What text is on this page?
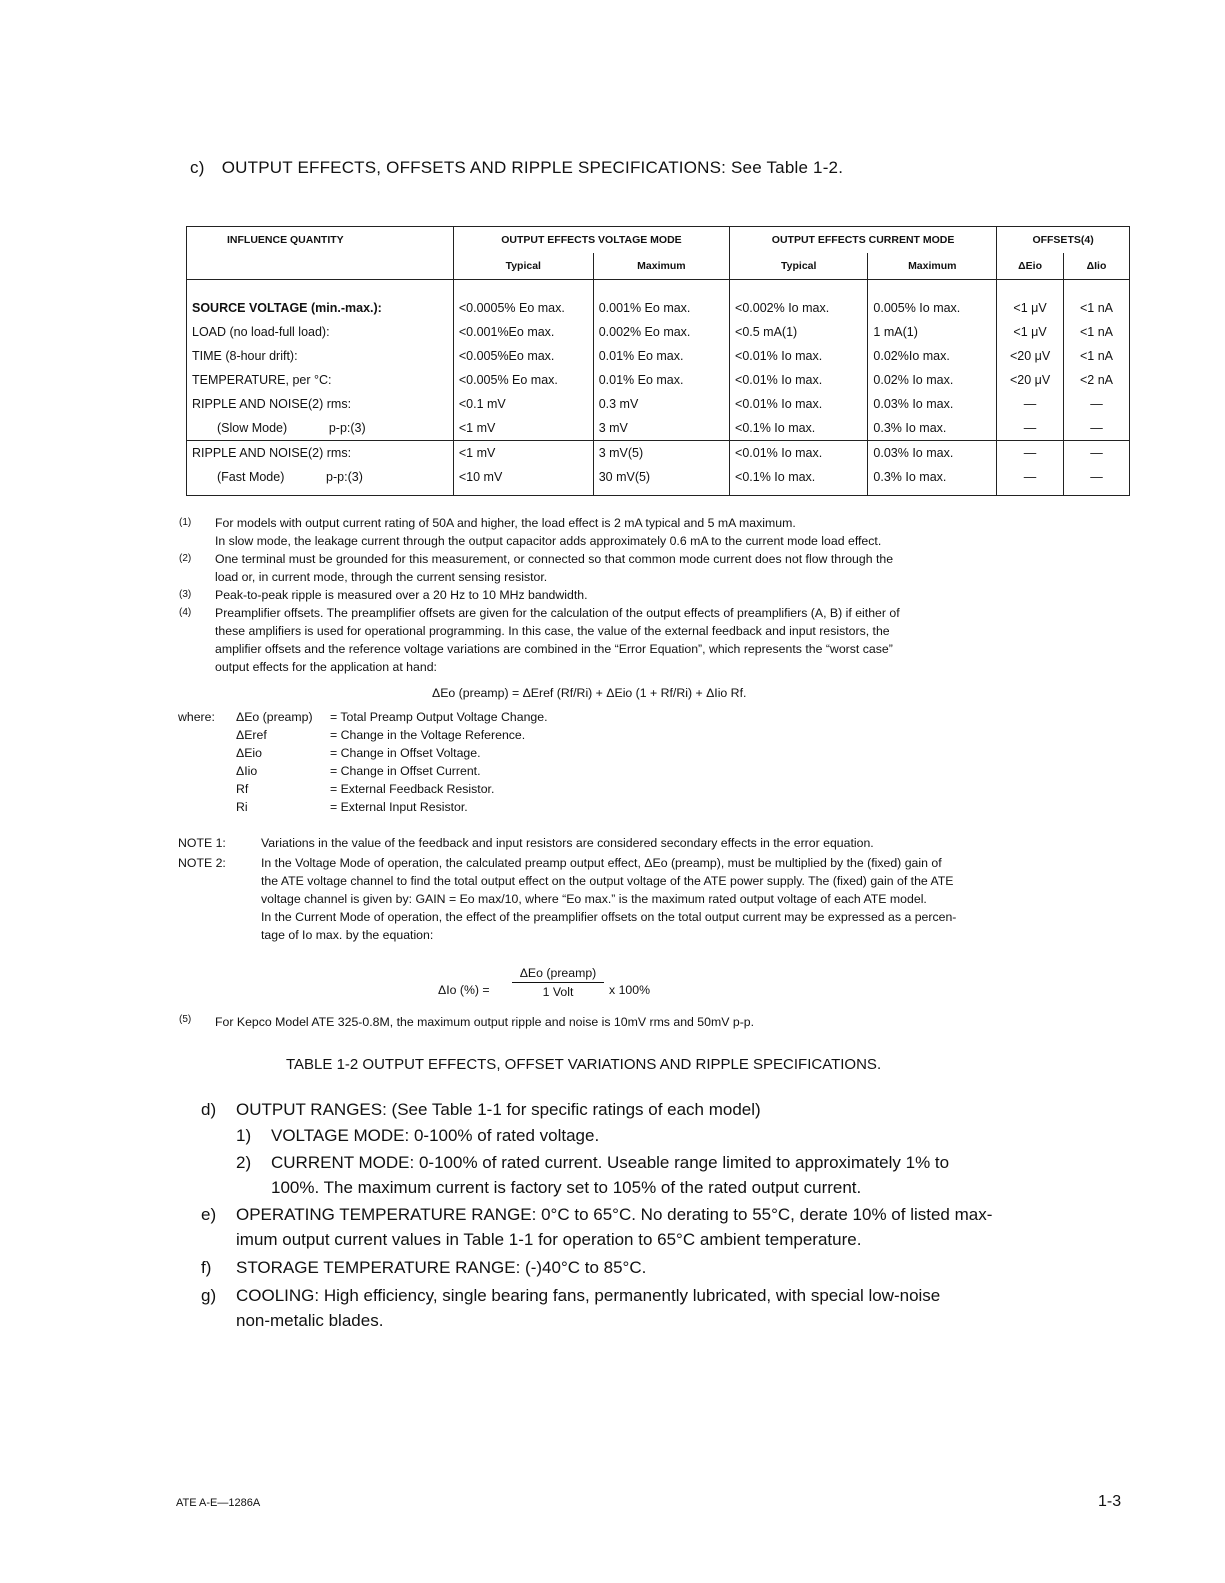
c) OUTPUT EFFECTS, OFFSETS AND RIPPLE SPECIFICATIONS: See Table 1-2.
INFLUENCE QUANTITY	OUTPUT EFFECTS VOLTAGE MODE		OUTPUT EFFECTS CURRENT MODE		OFFSETS(4)	
	Typical	Maximum	Typical	Maximum	ΔEio	ΔIio

SOURCE VOLTAGE (min.-max.):	<0.0005% Eo max.	0.001% Eo max.	<0.002% Io max.	0.005% Io max.	<1 μV	<1 nA
LOAD (no load-full load):	<0.001%Eo max.	0.002% Eo max.	<0.5 mA(1)	1 mA(1)	<1 μV	<1 nA
TIME (8-hour drift):	<0.005%Eo max.	0.01% Eo max.	<0.01% Io max.	0.02%Io max.	<20 μV	<1 nA
TEMPERATURE, per °C:	<0.005% Eo max.	0.01% Eo max.	<0.01% Io max.	0.02% Io max.	<20 μV	<2 nA
RIPPLE AND NOISE(2) rms:	<0.1 mV	0.3 mV	<0.01% Io max.	0.03% Io max.	—	—
(Slow Mode)            p-p:(3)	<1 mV	3 mV	<0.1% Io max.	0.3% Io max.	—	—
RIPPLE AND NOISE(2) rms:	<1 mV	3 mV(5)	<0.01% Io max.	0.03% Io max.	—	—
(Fast Mode)            p-p:(3)	<10 mV	30 mV(5)	<0.1% Io max.	0.3% Io max.	—	—

(1) For models with output current rating of 50A and higher, the load effect is 2 mA typical and 5 mA maximum.
In slow mode, the leakage current through the output capacitor adds approximately 0.6 mA to the current mode load effect.
(2) One terminal must be grounded for this measurement, or connected so that common mode current does not flow through the
load or, in current mode, through the current sensing resistor.
(3) Peak-to-peak ripple is measured over a 20 Hz to 10 MHz bandwidth.
(4) Preamplifier offsets. The preamplifier offsets are given for the calculation of the output effects of preamplifiers (A, B) if either of
these amplifiers is used for operational programming. In this case, the value of the external feedback and input resistors, the
amplifier offsets and the reference voltage variations are combined in the “Error Equation”, which represents the “worst case”
output effects for the application at hand:
ΔEo (preamp) = ΔEref (Rf/Ri) + ΔEio (1 + Rf/Ri) + ΔIio Rf.
where: ΔEo (preamp) = Total Preamp Output Voltage Change.
ΔEref	= Change in the Voltage Reference.
ΔEio	= Change in Offset Voltage.
ΔIio	= Change in Offset Current.
Rf	= External Feedback Resistor.
Ri	= External Input Resistor.
NOTE 1:	Variations in the value of the feedback and input resistors are considered secondary effects in the error equation.
NOTE 2:	In the Voltage Mode of operation, the calculated preamp output effect, ΔEo (preamp), must be multiplied by the (fixed) gain of
the ATE voltage channel to find the total output effect on the output voltage of the ATE power supply. The (fixed) gain of the ATE
voltage channel is given by: GAIN = Eo max/10, where “Eo max.” is the maximum rated output voltage of each ATE model.
In the Current Mode of operation, the effect of the preamplifier offsets on the total output current may be expressed as a percen-
tage of Io max. by the equation:
ΔIo (%) =
ΔEo (preamp)
1 Volt	x 100%
(5) For Kepco Model ATE 325-0.8M, the maximum output ripple and noise is 10mV rms and 50mV p-p.
TABLE 1-2 OUTPUT EFFECTS, OFFSET VARIATIONS AND RIPPLE SPECIFICATIONS.
d) OUTPUT RANGES: (See Table 1-1 for specific ratings of each model)
1) VOLTAGE MODE: 0-100% of rated voltage.
2) CURRENT MODE: 0-100% of rated current. Useable range limited to approximately 1% to
100%. The maximum current is factory set to 105% of the rated output current.
e) OPERATING TEMPERATURE RANGE: 0°C to 65°C. No derating to 55°C, derate 10% of listed max-
imum output current values in Table 1-1 for operation to 65°C ambient temperature.
f) STORAGE TEMPERATURE RANGE: (-)40°C to 85°C.
g) COOLING: High efficiency, single bearing fans, permanently lubricated, with special low-noise
non-metalic blades.
ATE A-E—1286A	1-3
